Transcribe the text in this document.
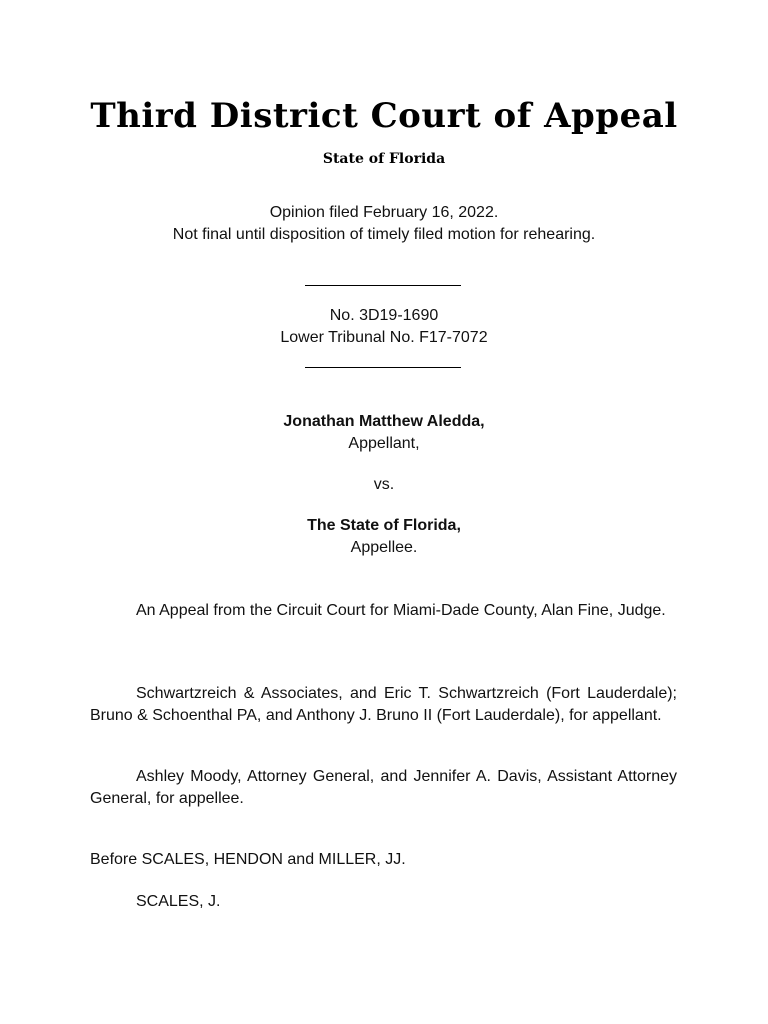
Third District Court of Appeal
State of Florida
Opinion filed February 16, 2022.
Not final until disposition of timely filed motion for rehearing.
No. 3D19-1690
Lower Tribunal No. F17-7072
Jonathan Matthew Aledda,
Appellant,
vs.
The State of Florida,
Appellee.
An Appeal from the Circuit Court for Miami-Dade County, Alan Fine, Judge.
Schwartzreich & Associates, and Eric T. Schwartzreich (Fort Lauderdale); Bruno & Schoenthal PA, and Anthony J. Bruno II (Fort Lauderdale), for appellant.
Ashley Moody, Attorney General, and Jennifer A. Davis, Assistant Attorney General, for appellee.
Before SCALES, HENDON and MILLER, JJ.
SCALES, J.
